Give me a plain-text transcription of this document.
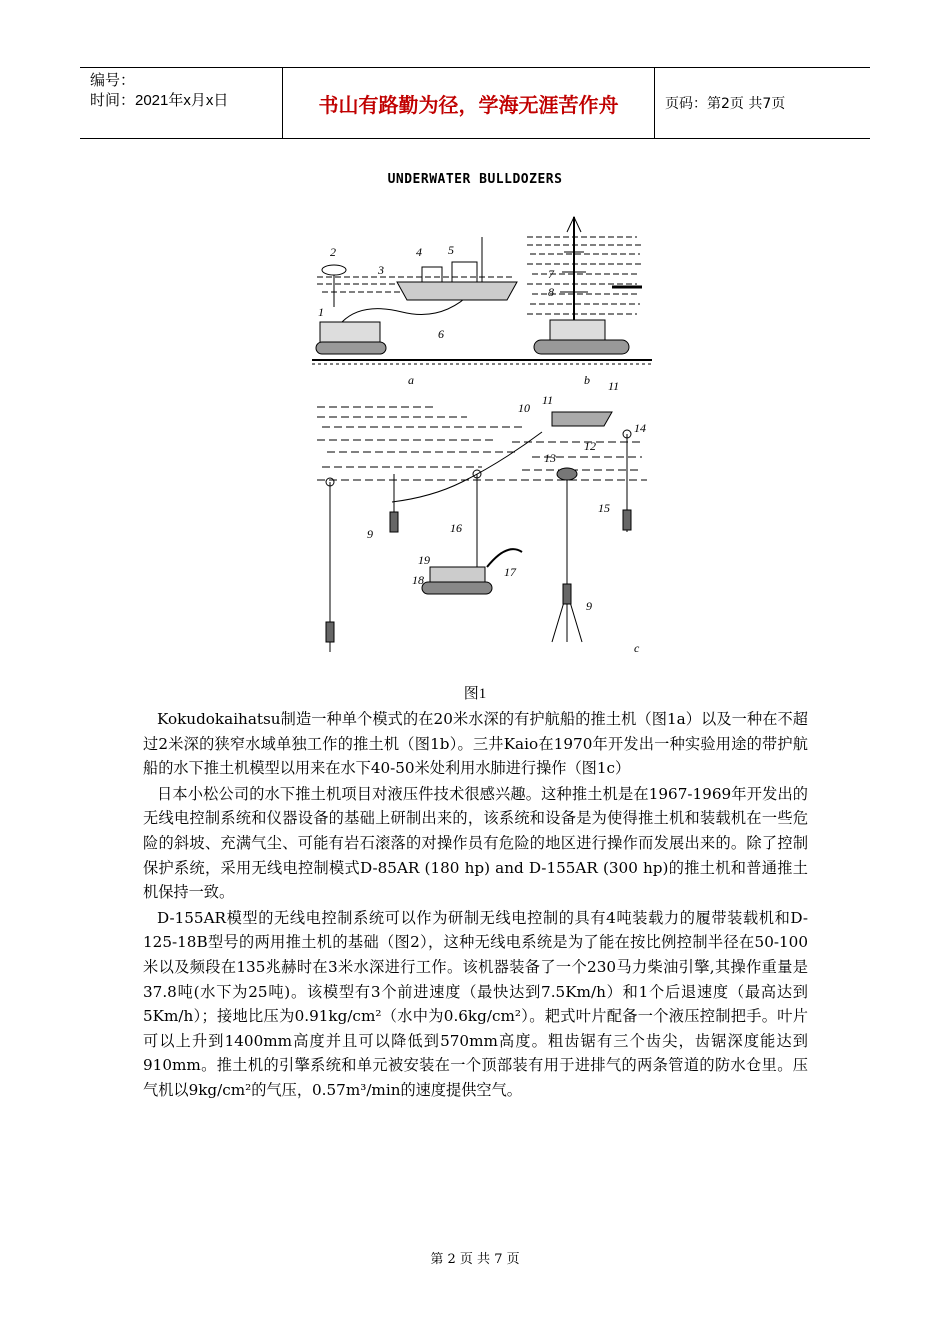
编号：
时间：2021年x月x日	书山有路勤为径，学海无涯苦作舟	页码：第2页 共7页
UNDERWATER BULLDOZERS
a	b
c
1
2
3
4 5
6
7
8
9
10
11
11
12
13
14
15
16
17
18
19
9
图1

Kokudokaihatsu制造一种单个模式的在20米水深的有护航船的推土机（图1a）以及一种在不超过2米深的狭窄水域单独工作的推土机（图1b）。三井Kaio在1970年开发出一种实验用途的带护航船的水下推土机模型以用来在水下40-50米处利用水肺进行操作（图1c）

日本小松公司的水下推土机项目对液压件技术很感兴趣。这种推土机是在1967-1969年开发出的无线电控制系统和仪器设备的基础上研制出来的，该系统和设备是为使得推土机和装载机在一些危险的斜坡、充满气尘、可能有岩石滚落的对操作员有危险的地区进行操作而发展出来的。除了控制保护系统，采用无线电控制模式D-85AR (180 hp) and D-155AR (300 hp)的推土机和普通推土机保持一致。

D-155AR模型的无线电控制系统可以作为研制无线电控制的具有4吨装载力的履带装载机和D-125-18B型号的两用推土机的基础（图2），这种无线电系统是为了能在按比例控制半径在50-100米以及频段在135兆赫时在3米水深进行工作。该机器装备了一个230马力柴油引擎,其操作重量是37.8吨(水下为25吨)。该模型有3个前进速度（最快达到7.5Km/h）和1个后退速度（最高达到5Km/h）；接地比压为0.91kg/cm²（水中为0.6kg/cm²）。耙式叶片配备一个液压控制把手。叶片可以上升到1400mm高度并且可以降低到570mm高度。粗齿锯有三个齿尖，齿锯深度能达到910mm。推土机的引擎系统和单元被安装在一个顶部装有用于进排气的两条管道的防水仓里。压气机以9kg/cm²的气压，0.57m³/min的速度提供空气。

第 2 页 共 7 页
